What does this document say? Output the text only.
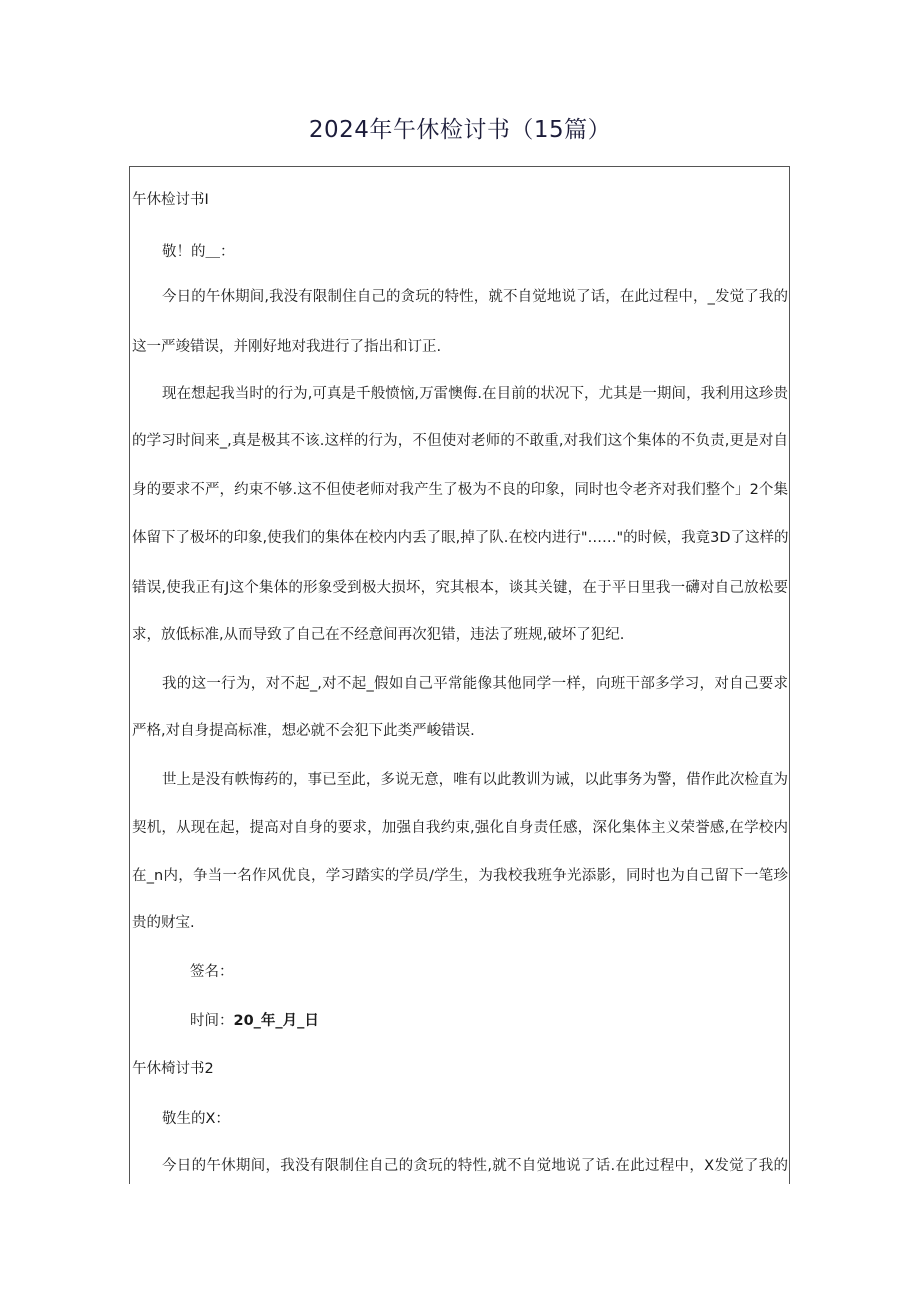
2024年午休检讨书（15篇）
午休检讨书I
敬！的＿：
今日的午休期间,我没有限制住自己的贪玩的特性，就不自觉地说了话，在此过程中，_发觉了我的
这一严竣错误，并刚好地对我进行了指出和订正.
现在想起我当时的行为,可真是千般愤恼,万雷懊侮.在目前的状况下，尤其是一期间，我利用这珍贵
的学习时间来_,真是极其不该.这样的行为，不但使对老师的不敢重,对我们这个集体的不负责,更是对自
身的要求不严，约束不够.这不但使老师对我产生了极为不良的印象，同时也令老齐对我们整个」2个集
体留下了极坏的印象,使我们的集体在校内内丢了眼,掉了队.在校内进行"……"的时候，我竟3D了这样的
错误,使我正有J这个集体的形象受到极大损坏，究其根本，谈其关键，在于平日里我一礴对自己放松要
求，放低标准,从而导致了自己在不经意间再次犯错，违法了班规,破坏了犯纪.
我的这一行为，对不起_,对不起_假如自己平常能像其他同学一样，向班干部多学习，对自己要求
严格,对自身提高标准，想必就不会犯下此类严峻错误.
世上是没有帙悔药的，事已至此，多说无意，唯有以此教训为诫，以此事务为警，借作此次检直为
契机，从现在起，提高对自身的要求，加强自我约束,强化自身责任感，深化集体主义荣誉感,在学校内
在_n内，争当一名作风优良，学习踏实的学员/学生，为我校我班争光添影，同时也为自己留下一笔珍
贵的财宝.
签名：
时间：20_年_月_日
午休椅讨书2
敬生的X：
今日的午休期间，我没有限制住自己的贪玩的特性,就不自觉地说了话.在此过程中，X发觉了我的
